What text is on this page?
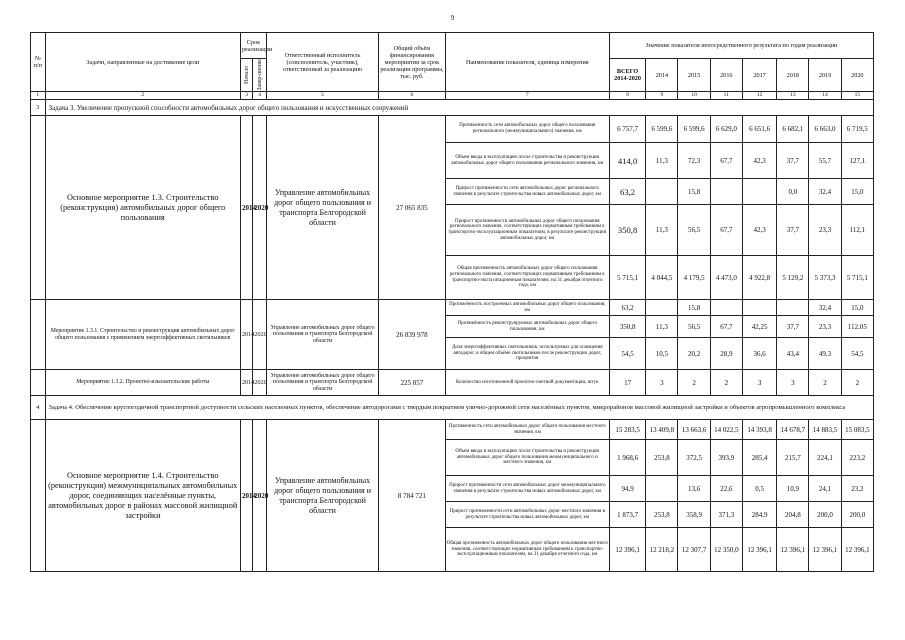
9
№ п/п	Задачи, направленные на достижение цели	Срок реализации		Ответственный исполнитель (соисполнитель, участник), ответственный за реализацию	Общий объём финансирования мероприятия за срок реализации программы, тыс. руб.	Наименование показателя, единица измерения	Значение показателя непосредственного результата по годам реализации							

		Начало	Завер-шение				ВСЕГО 2014-2020	2014	2015	2016	2017	2018	2019	2020
1	2	3	4	5	6	7	8	9	10	11	12	13	14	15
3	Задача 3. Увеличение пропускной способности автомобильных дорог общего пользования и искусственных сооружений													
	Основное мероприятие 1.3. Строительство (реконструкция) автомобильных дорог общего пользования	2014	2020	Управление автомобильных дорог общего пользования и транспорта Белгородской области	27 065 835	Протяженность сети автомобильных дорог общего пользования регионального (межмуниципального) значения, км	6 757,7	6 599,6	6 599,6	6 629,0	6 651,6	6 682,1	6 663,0	6 719,5
						Объем ввода в эксплуатацию после строительства и реконструкции автомобильных дорог общего пользования регионального значения, км	414,0	11,3	72,3	67,7	42,3	37,7	55,7	127,1
						Прирост протяженности сети автомобильных дорог регионального значения в результате строительства новых автомобильных дорог, км	63,2		15,8			0,0	32,4	15,0
						Прирост протяженности автомобильных дорог общего пользования регионального значения, соответствующих нормативным требованиям к транспортно-эксплуатационным показателям, в результате реконструкции автомобильных дорог, км	350,8	11,3	56,5	67,7	42,3	37,7	23,3	112,1
						Общая протяженность автомобильных дорог общего пользования регионального значения, соответствующих нормативным требованиям к транспортно-эксплуатационным показателям, на 31 декабря отчетного года, км	5 715,1	4 044,5	4 179,5	4 473,0	4 922,8	5 129,2	5 373,3	5 715,1
	Мероприятие 1.3.1. Строительство и реконструкция автомобильных дорог общего пользования с применением энергоэффективных светильников	2014	2020	Управление автомобильных дорог общего пользования и транспорта Белгородской области	26 839 978	Протяжённость построенных автомобильных дорог общего пользования, км	63,2		15,8				32,4	15,0
						Протяжённость реконструируемых автомобильных дорог общего пользования, км	350,8	11,3	56,5	67,7	42,25	37,7	23,3	112,05
						Доля энергоэффективных светильников, используемых для освещения автодорог, в общем объёме светильников после реконструкции дорог, процентов	54,5	10,5	20,2	28,9	36,6	43,4	49,3	54,5
	Мероприятие 1.3.2. Проектно-изыскательские работы	2014	2020	Управление автомобильных дорог общего пользования и транспорта Белгородской области	225 857	Количество изготовленной проектно-сметной документации, штук	17	3	2	2	3	3	2	2
4	Задача 4. Обеспечение круглогодичной транспортной доступности сельских населенных пунктов, обеспечение автодорогами с твердым покрытием улично-дорожной сети населённых пунктов, микрорайонов массовой жилищной застройки и объектов агропромышленного комплекса													
	Основное мероприятие 1.4. Строительство (реконструкция) межмуниципальных автомобильных дорог, соединяющих населённые пункты, автомобильных дорог в районах массовой жилищной застройки	2014	2020	Управление автомобильных дорог общего пользования и транспорта Белгородской области	8 784 721	Протяженность сети автомобильных дорог общего пользования местного значения, км	15 283,5	13 409,8	13 663,6	14 022,5	14 393,8	14 678,7	14 883,5	15 083,5
						Объем ввода в эксплуатацию после строительства и реконструкции автомобильных дорог общего пользования межмуниципального и местного значения, км	1 968,6	253,8	372,5	393,9	285,4	215,7	224,1	223,2
						Прирост протяженности сети автомобильных дорог межмуниципального значения в результате строительства новых автомобильных дорог, км	94,9		13,6	22,6	0,5	10,9	24,1	23,2
						Прирост протяженности сети автомобильных дорог местного значения в результате строительства новых автомобильных дорог, км	1 873,7	253,8	358,9	371,3	284,9	204,8	200,0	200,0
						Общая протяженность автомобильных дорог общего пользования местного значения, соответствующих нормативным требованиям к транспортно-эксплуатационным показателям, на 31 декабря отчетного года, км	12 396,1	12 218,2	12 307,7	12 350,0	12 396,1	12 396,1	12 396,1	12 396,1
